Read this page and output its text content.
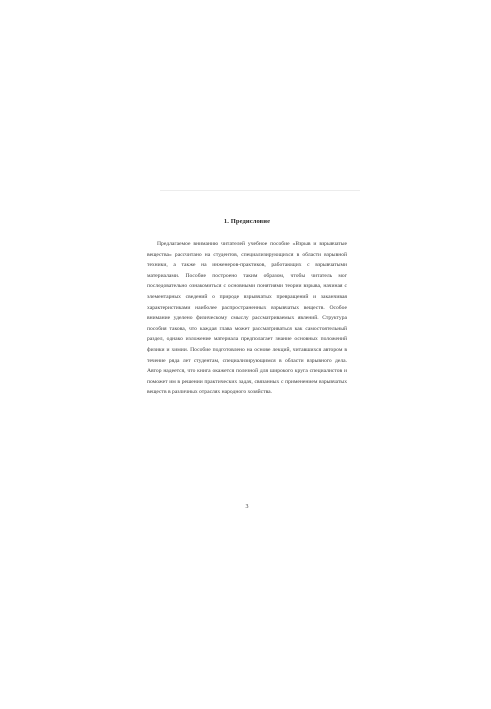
1. Предисловие

Предлагаемое вниманию читателей учебное пособие «Взрыв и взрывчатые вещества» рассчитано на студентов, специализирующихся в области взрывной техники, а также на инженеров-практиков, работающих с взрывчатыми материалами. Пособие построено таким образом, чтобы читатель мог последовательно ознакомиться с основными понятиями теории взрыва, начиная с элементарных сведений о природе взрывчатых превращений и заканчивая характеристиками наиболее распространенных взрывчатых веществ. Особое внимание уделено физическому смыслу рассматриваемых явлений. Структура пособия такова, что каждая глава может рассматриваться как самостоятельный раздел, однако изложение материала предполагает знание основных положений физики и химии. Пособие подготовлено на основе лекций, читавшихся автором в течение ряда лет студентам, специализирующимся в области взрывного дела. Автор надеется, что книга окажется полезной для широкого круга специалистов и поможет им в решении практических задач, связанных с применением взрывчатых веществ в различных отраслях народного хозяйства.

3
